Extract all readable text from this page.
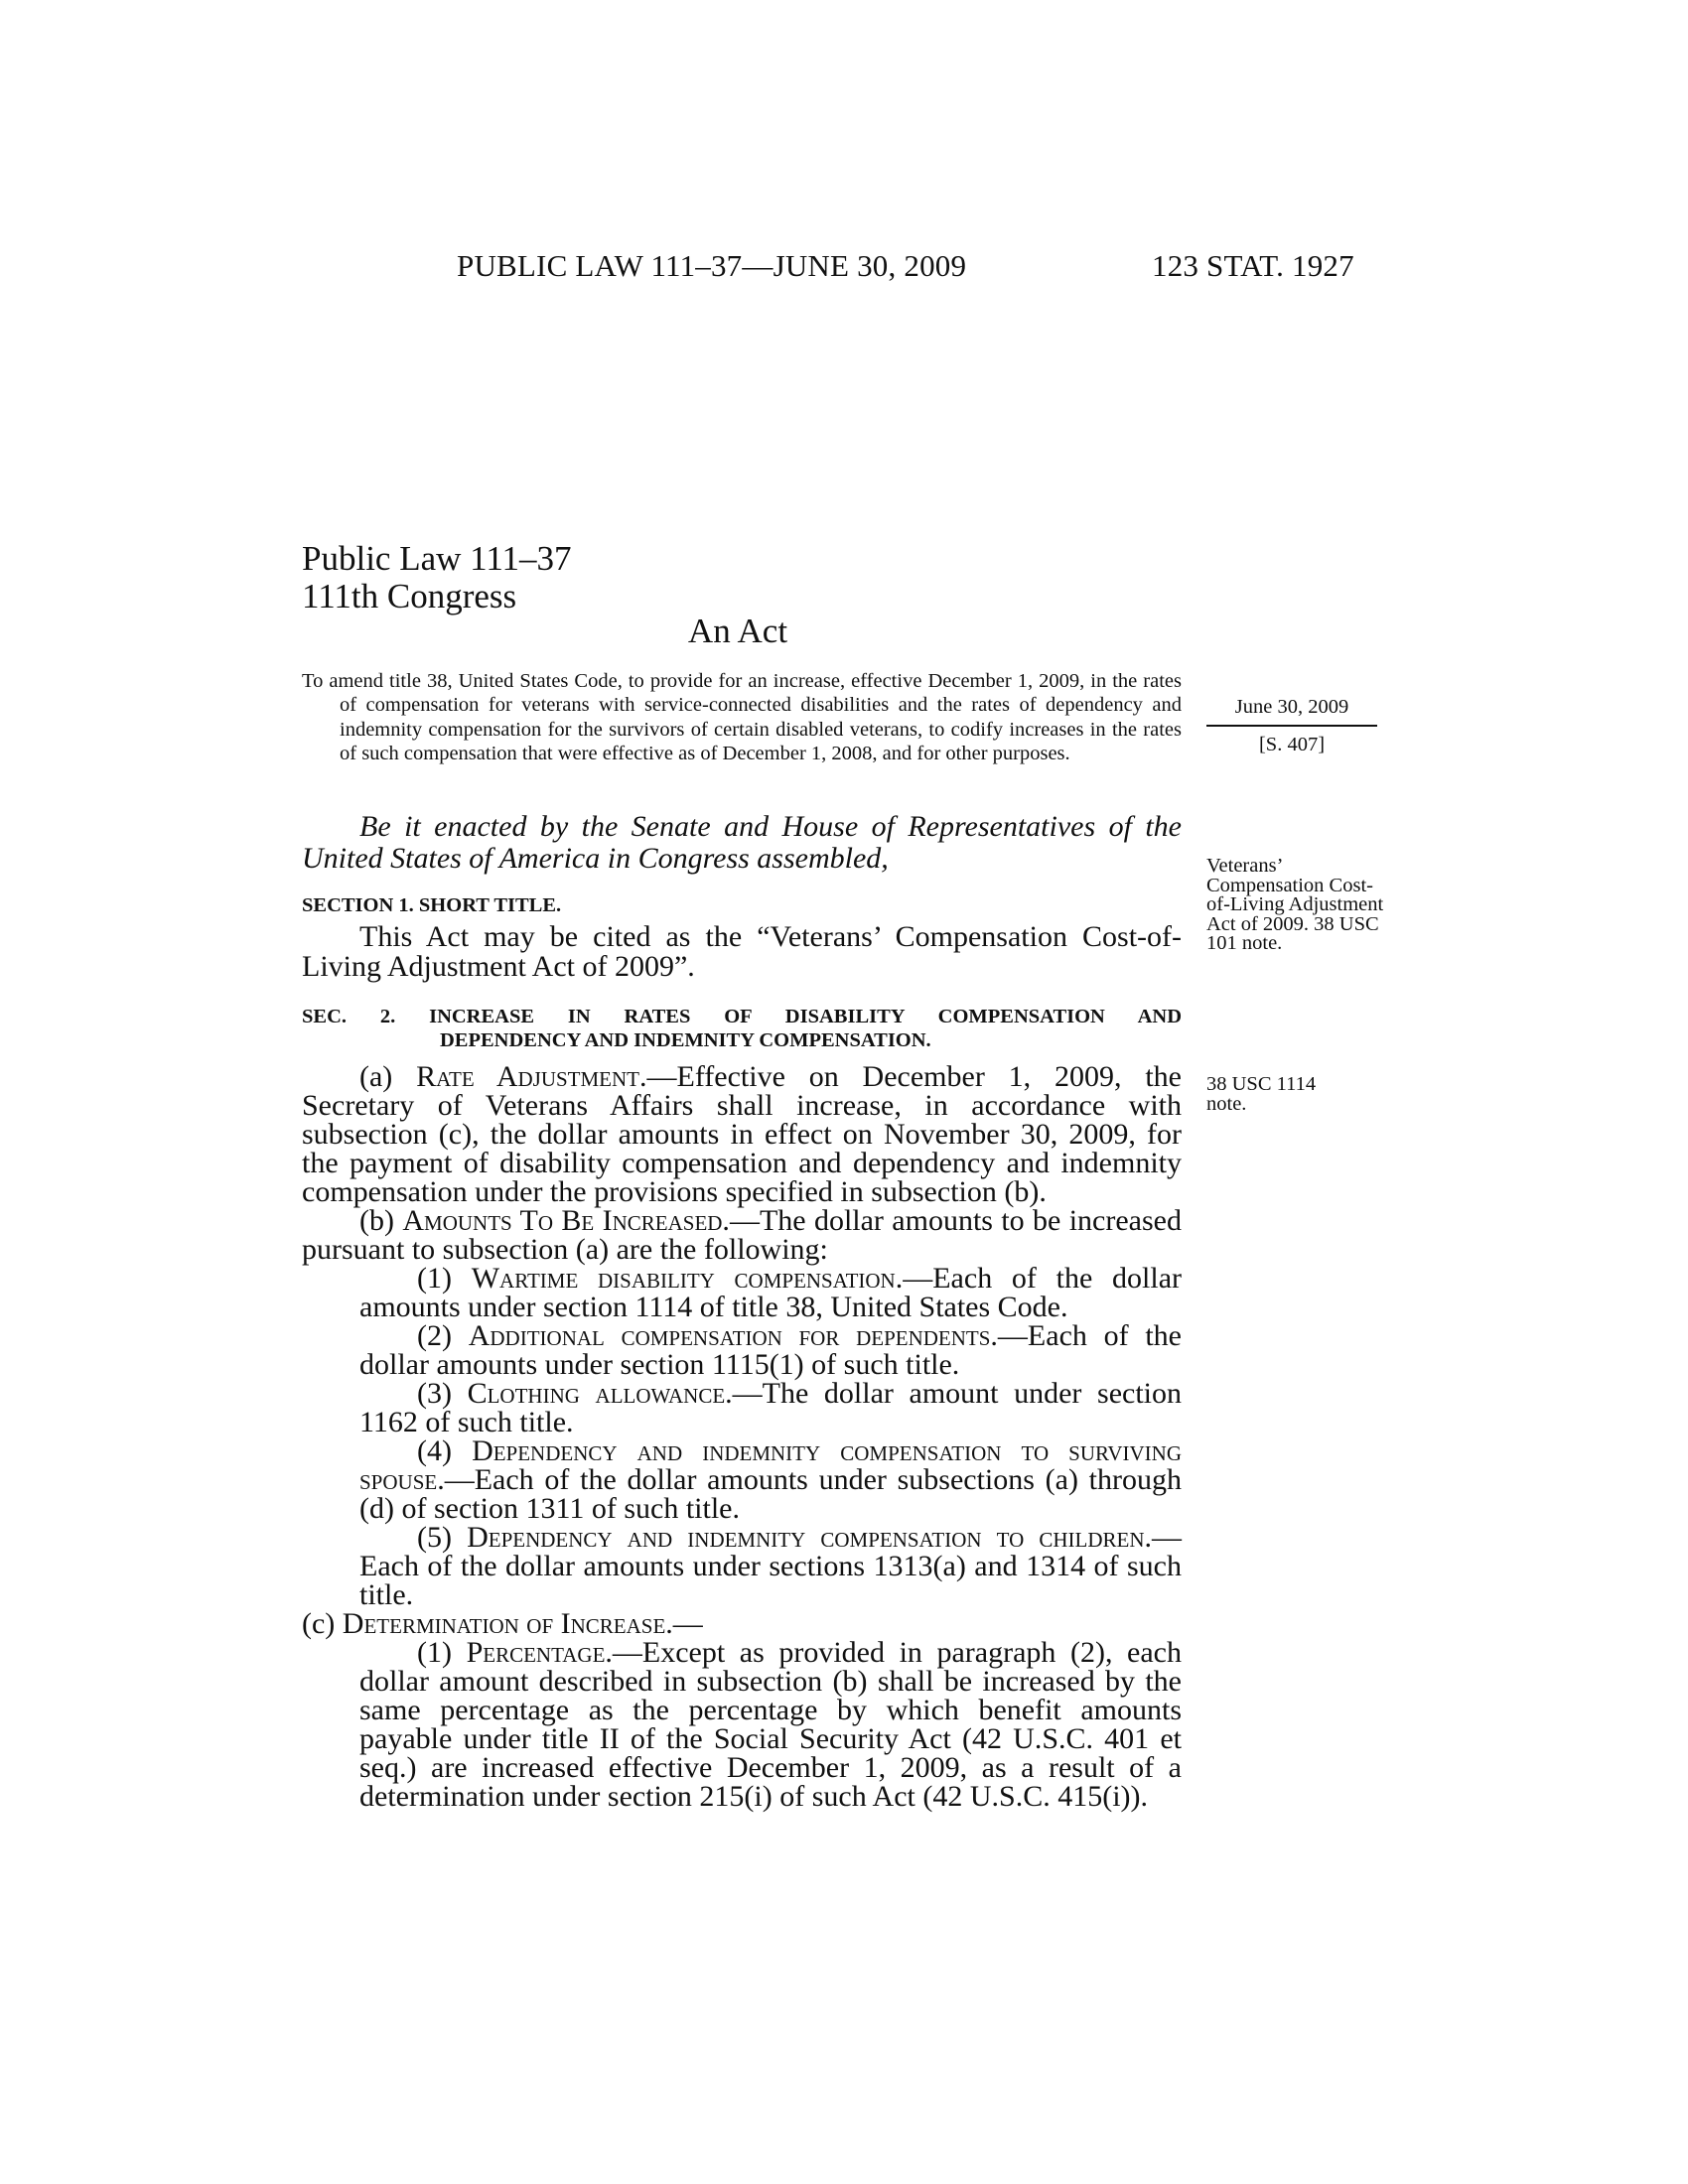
PUBLIC LAW 111–37—JUNE 30, 2009	123 STAT. 1927
Public Law 111–37
111th Congress
An Act

To amend title 38, United States Code, to provide for an increase, effective December 1, 2009, in the rates of compensation for veterans with service-connected disabilities and the rates of dependency and indemnity compensation for the survivors of certain disabled veterans, to codify increases in the rates of such compensation that were effective as of December 1, 2008, and for other purposes.

June 30, 2009
[S. 407]

Be it enacted by the Senate and House of Representatives of the United States of America in Congress assembled,

SECTION 1. SHORT TITLE.

This Act may be cited as the “Veterans’ Compensation Cost-of-Living Adjustment Act of 2009”.

Veterans’ Compensation Cost-of-Living Adjustment Act of 2009. 38 USC 101 note.

SEC. 2. INCREASE IN RATES OF DISABILITY COMPENSATION AND
DEPENDENCY AND INDEMNITY COMPENSATION.

38 USC 1114 note.

(a) Rate Adjustment.—Effective on December 1, 2009, the Secretary of Veterans Affairs shall increase, in accordance with subsection (c), the dollar amounts in effect on November 30, 2009, for the payment of disability compensation and dependency and indemnity compensation under the provisions specified in subsection (b).

(b) Amounts To Be Increased.—The dollar amounts to be increased pursuant to subsection (a) are the following:

(1) Wartime disability compensation.—Each of the dollar amounts under section 1114 of title 38, United States Code.

(2) Additional compensation for dependents.—Each of the dollar amounts under section 1115(1) of such title.

(3) Clothing allowance.—The dollar amount under section 1162 of such title.

(4) Dependency and indemnity compensation to surviving spouse.—Each of the dollar amounts under subsections (a) through (d) of section 1311 of such title.

(5) Dependency and indemnity compensation to children.—Each of the dollar amounts under sections 1313(a) and 1314 of such title.

(c) Determination of Increase.—

(1) Percentage.—Except as provided in paragraph (2), each dollar amount described in subsection (b) shall be increased by the same percentage as the percentage by which benefit amounts payable under title II of the Social Security Act (42 U.S.C. 401 et seq.) are increased effective December 1, 2009, as a result of a determination under section 215(i) of such Act (42 U.S.C. 415(i)).
